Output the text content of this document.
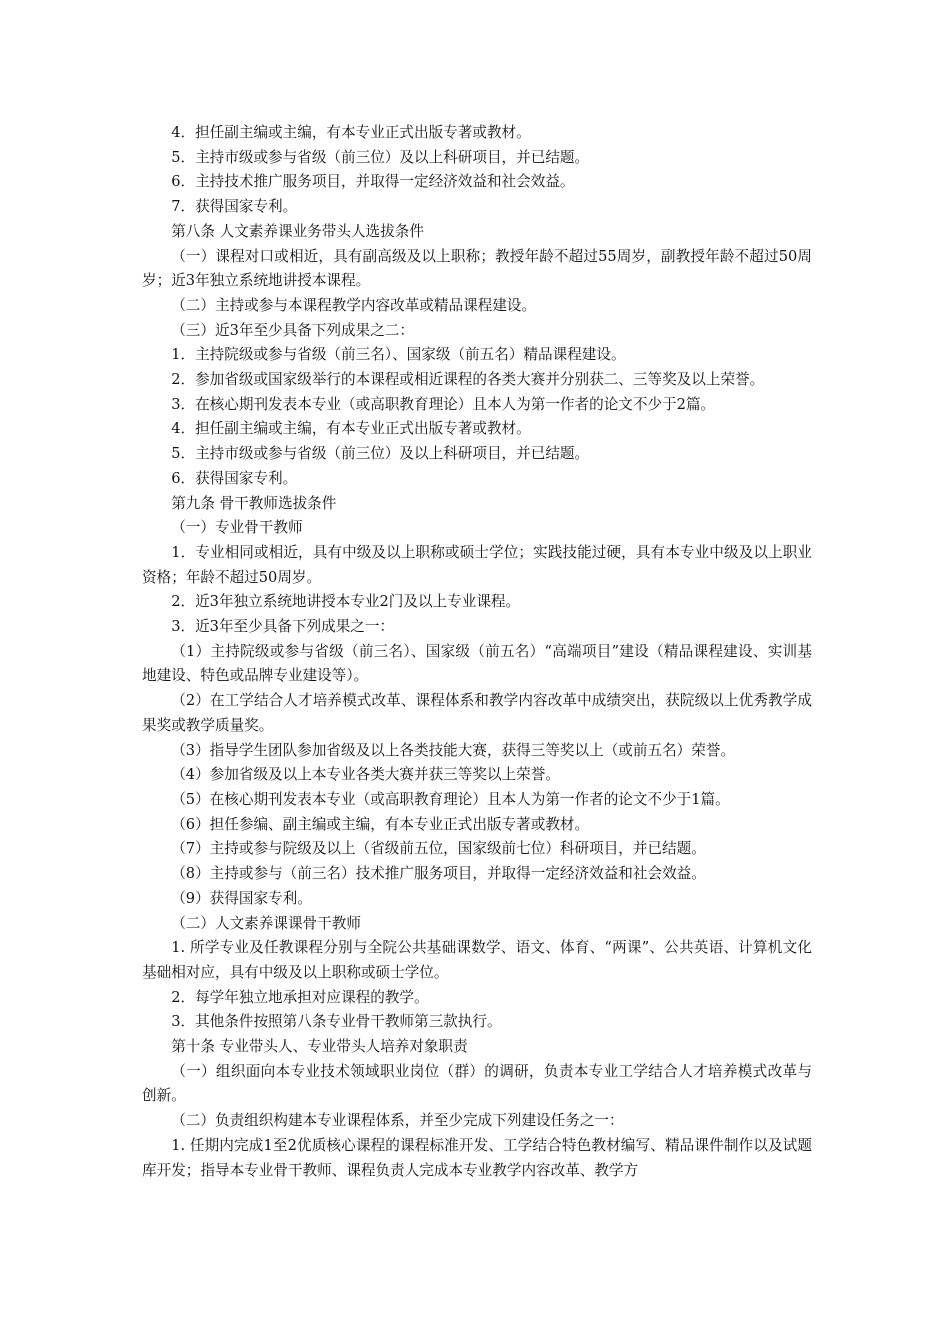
4．担任副主编或主编，有本专业正式出版专著或教材。

5．主持市级或参与省级（前三位）及以上科研项目，并已结题。

6．主持技术推广服务项目，并取得一定经济效益和社会效益。

7．获得国家专利。

第八条 人文素养课业务带头人选拔条件

（一）课程对口或相近，具有副高级及以上职称；教授年龄不超过55周岁，副教授年龄不超过50周岁；近3年独立系统地讲授本课程。

（二）主持或参与本课程教学内容改革或精品课程建设。

（三）近3年至少具备下列成果之二：

1．主持院级或参与省级（前三名）、国家级（前五名）精品课程建设。

2．参加省级或国家级举行的本课程或相近课程的各类大赛并分别获二、三等奖及以上荣誉。

3．在核心期刊发表本专业（或高职教育理论）且本人为第一作者的论文不少于2篇。

4．担任副主编或主编，有本专业正式出版专著或教材。

5．主持市级或参与省级（前三位）及以上科研项目，并已结题。

6．获得国家专利。

第九条 骨干教师选拔条件

（一）专业骨干教师

1．专业相同或相近，具有中级及以上职称或硕士学位；实践技能过硬，具有本专业中级及以上职业资格；年龄不超过50周岁。

2．近3年独立系统地讲授本专业2门及以上专业课程。

3．近3年至少具备下列成果之一：

（1）主持院级或参与省级（前三名）、国家级（前五名）“高端项目”建设（精品课程建设、实训基地建设、特色或品牌专业建设等）。

（2）在工学结合人才培养模式改革、课程体系和教学内容改革中成绩突出，获院级以上优秀教学成果奖或教学质量奖。

（3）指导学生团队参加省级及以上各类技能大赛，获得三等奖以上（或前五名）荣誉。

（4）参加省级及以上本专业各类大赛并获三等奖以上荣誉。

（5）在核心期刊发表本专业（或高职教育理论）且本人为第一作者的论文不少于1篇。

（6）担任参编、副主编或主编，有本专业正式出版专著或教材。

（7）主持或参与院级及以上（省级前五位，国家级前七位）科研项目，并已结题。

（8）主持或参与（前三名）技术推广服务项目，并取得一定经济效益和社会效益。

（9）获得国家专利。

（二）人文素养课课骨干教师

1. 所学专业及任教课程分别与全院公共基础课数学、语文、体育、“两课”、公共英语、计算机文化基础相对应，具有中级及以上职称或硕士学位。

2．每学年独立地承担对应课程的教学。

3．其他条件按照第八条专业骨干教师第三款执行。

第十条 专业带头人、专业带头人培养对象职责

（一）组织面向本专业技术领域职业岗位（群）的调研，负责本专业工学结合人才培养模式改革与创新。

（二）负责组织构建本专业课程体系，并至少完成下列建设任务之一：

1. 任期内完成1至2优质核心课程的课程标准开发、工学结合特色教材编写、精品课件制作以及试题库开发；指导本专业骨干教师、课程负责人完成本专业教学内容改革、教学方
